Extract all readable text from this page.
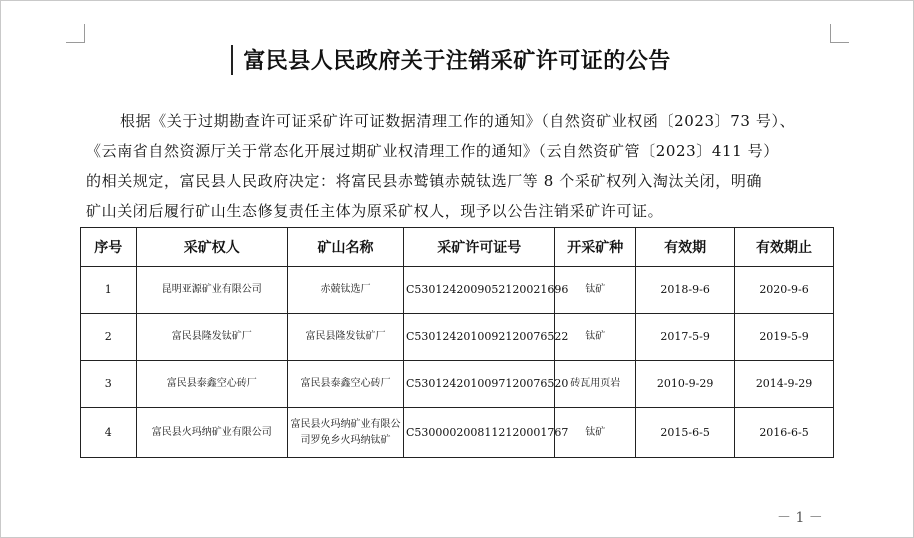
富民县人民政府关于注销采矿许可证的公告
根据《关于过期勘查许可证采矿许可证数据清理工作的通知》（自然资矿业权函〔2023〕73 号）、
《云南省自然资源厅关于常态化开展过期矿业权清理工作的通知》（云自然资矿管〔2023〕411 号）
的相关规定，富民县人民政府决定：将富民县赤鹫镇赤兢钛选厂等 8 个采矿权列入淘汰关闭，明确
矿山关闭后履行矿山生态修复责任主体为原采矿权人，现予以公告注销采矿许可证。
序号	采矿权人	矿山名称	采矿许可证号	开采矿种	有效期	有效期止
1	昆明亚源矿业有限公司	赤兢钛选厂	C5301242009052120021696	钛矿	2018-9-6	2020-9-6
2	富民县隆发钛矿厂	富民县隆发钛矿厂	C5301242010092120076522	钛矿	2017-5-9	2019-5-9
3	富民县泰鑫空心砖厂	富民县泰鑫空心砖厂	C5301242010097120076520	砖瓦用页岩	2010-9-29	2014-9-29
4	富民县火玛纳矿业有限公司	富民县火玛纳矿业有限公司罗免乡火玛纳钛矿	C5300002008112120001767	钛矿	2015-6-5	2016-6-5
－ 1 －
